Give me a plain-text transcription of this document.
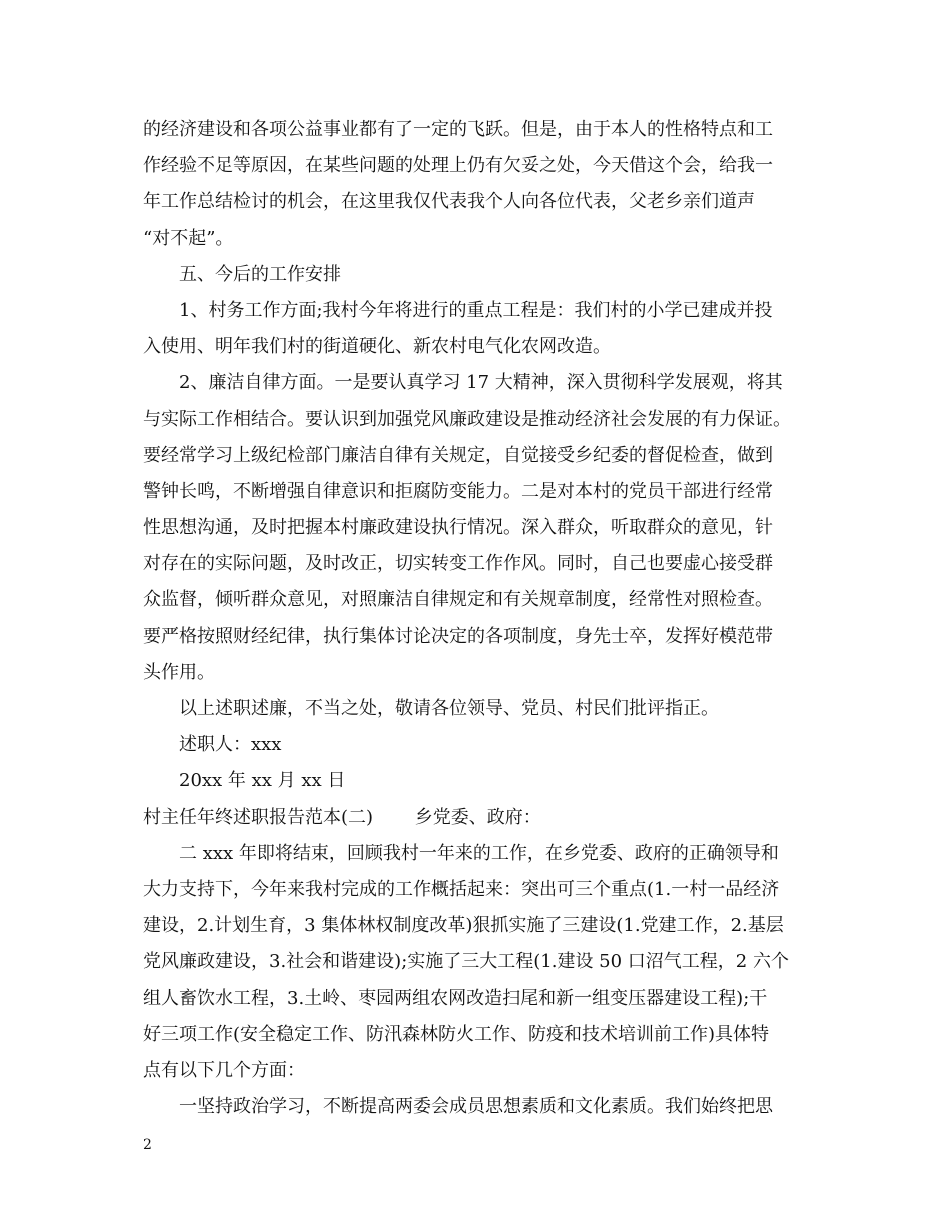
的经济建设和各项公益事业都有了一定的飞跃。但是，由于本人的性格特点和工
作经验不足等原因，在某些问题的处理上仍有欠妥之处，今天借这个会，给我一
年工作总结检讨的机会，在这里我仅代表我个人向各位代表，父老乡亲们道声
“对不起”。
五、今后的工作安排
1、村务工作方面;我村今年将进行的重点工程是：我们村的小学已建成并投
入使用、明年我们村的街道硬化、新农村电气化农网改造。
2、廉洁自律方面。一是要认真学习 17 大精神，深入贯彻科学发展观，将其
与实际工作相结合。要认识到加强党风廉政建设是推动经济社会发展的有力保证。
要经常学习上级纪检部门廉洁自律有关规定，自觉接受乡纪委的督促检查，做到
警钟长鸣，不断增强自律意识和拒腐防变能力。二是对本村的党员干部进行经常
性思想沟通，及时把握本村廉政建设执行情况。深入群众，听取群众的意见，针
对存在的实际问题，及时改正，切实转变工作作风。同时，自己也要虚心接受群
众监督，倾听群众意见，对照廉洁自律规定和有关规章制度，经常性对照检查。
要严格按照财经纪律，执行集体讨论决定的各项制度，身先士卒，发挥好模范带
头作用。
以上述职述廉，不当之处，敬请各位领导、党员、村民们批评指正。
述职人：xxx
20xx 年 xx 月 xx 日
村主任年终述职报告范本(二)　　 乡党委、政府：
二 xxx 年即将结束，回顾我村一年来的工作，在乡党委、政府的正确领导和
大力支持下，今年来我村完成的工作概括起来：突出可三个重点(1.一村一品经济
建设，2.计划生育，3 集体林权制度改革)狠抓实施了三建设(1.党建工作，2.基层
党风廉政建设，3.社会和谐建设);实施了三大工程(1.建设 50 口沼气工程，2 六个
组人畜饮水工程，3.土岭、枣园两组农网改造扫尾和新一组变压器建设工程);干
好三项工作(安全稳定工作、防汛森林防火工作、防疫和技术培训前工作)具体特
点有以下几个方面：
一坚持政治学习，不断提高两委会成员思想素质和文化素质。我们始终把思
2
